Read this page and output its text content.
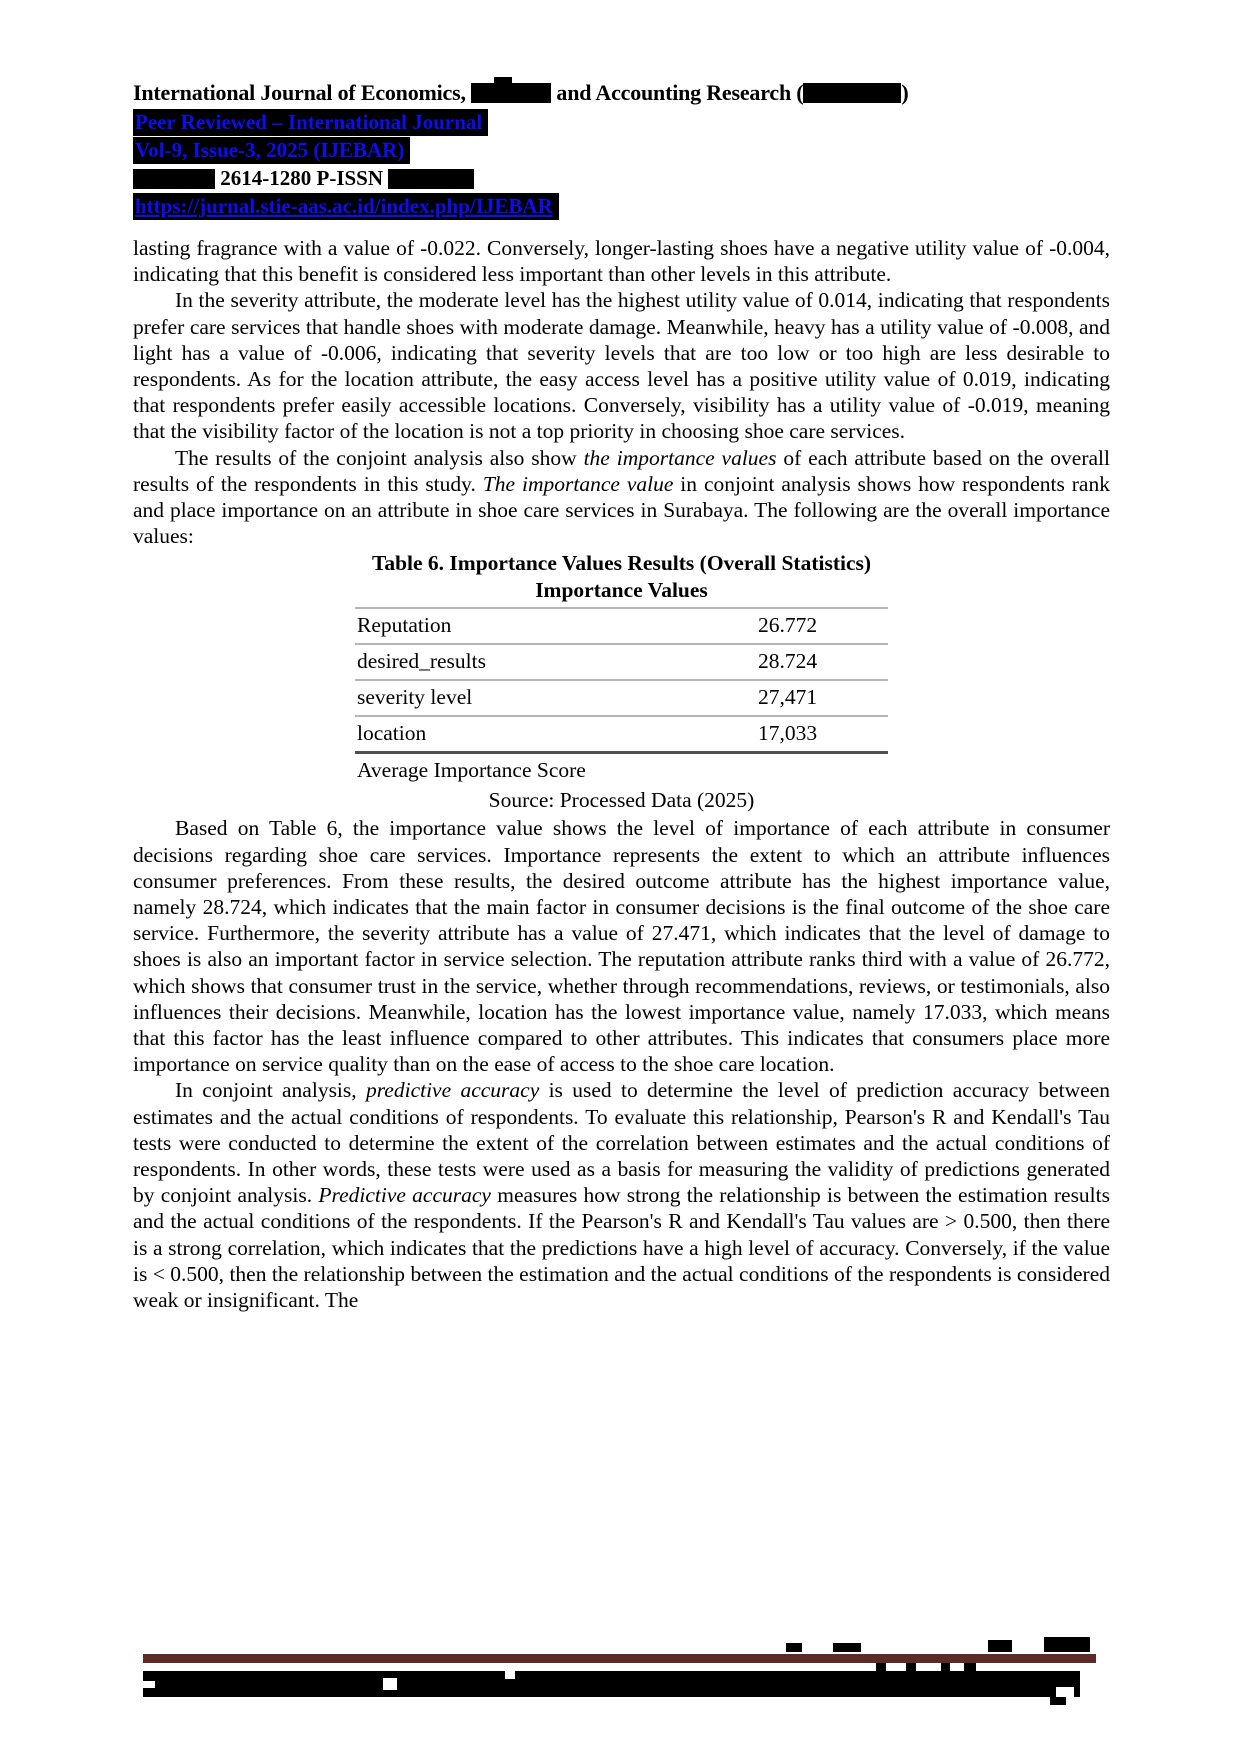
International Journal of Economics,	and Accounting Research (	)
Peer Reviewed – International Journal
Vol-9, Issue-3, 2025 (IJEBAR)
2614-1280 P-ISSN
https://jurnal.stie-aas.ac.id/index.php/IJEBAR

lasting fragrance with a value of -0.022. Conversely, longer-lasting shoes have a negative utility value of -0.004, indicating that this benefit is considered less important than other levels in this attribute.

In the severity attribute, the moderate level has the highest utility value of 0.014, indicating that respondents prefer care services that handle shoes with moderate damage. Meanwhile, heavy has a utility value of -0.008, and light has a value of -0.006, indicating that severity levels that are too low or too high are less desirable to respondents. As for the location attribute, the easy access level has a positive utility value of 0.019, indicating that respondents prefer easily accessible locations. Conversely, visibility has a utility value of -0.019, meaning that the visibility factor of the location is not a top priority in choosing shoe care services.

The results of the conjoint analysis also show the importance values of each attribute based on the overall results of the respondents in this study. The importance value in conjoint analysis shows how respondents rank and place importance on an attribute in shoe care services in Surabaya. The following are the overall importance values:

Table 6. Importance Values Results (Overall Statistics)
Importance Values
Reputation	26.772
desired_results	28.724
severity level	27,471
location	17,033
Average Importance Score
Source: Processed Data (2025)

Based on Table 6, the importance value shows the level of importance of each attribute in consumer decisions regarding shoe care services. Importance represents the extent to which an attribute influences consumer preferences. From these results, the desired outcome attribute has the highest importance value, namely 28.724, which indicates that the main factor in consumer decisions is the final outcome of the shoe care service. Furthermore, the severity attribute has a value of 27.471, which indicates that the level of damage to shoes is also an important factor in service selection. The reputation attribute ranks third with a value of 26.772, which shows that consumer trust in the service, whether through recommendations, reviews, or testimonials, also influences their decisions. Meanwhile, location has the lowest importance value, namely 17.033, which means that this factor has the least influence compared to other attributes. This indicates that consumers place more importance on service quality than on the ease of access to the shoe care location.

In conjoint analysis, predictive accuracy is used to determine the level of prediction accuracy between estimates and the actual conditions of respondents. To evaluate this relationship, Pearson's R and Kendall's Tau tests were conducted to determine the extent of the correlation between estimates and the actual conditions of respondents. In other words, these tests were used as a basis for measuring the validity of predictions generated by conjoint analysis. Predictive accuracy measures how strong the relationship is between the estimation results and the actual conditions of the respondents. If the Pearson's R and Kendall's Tau values are > 0.500, then there is a strong correlation, which indicates that the predictions have a high level of accuracy. Conversely, if the value is < 0.500, then the relationship between the estimation and the actual conditions of the respondents is considered weak or insignificant. The
